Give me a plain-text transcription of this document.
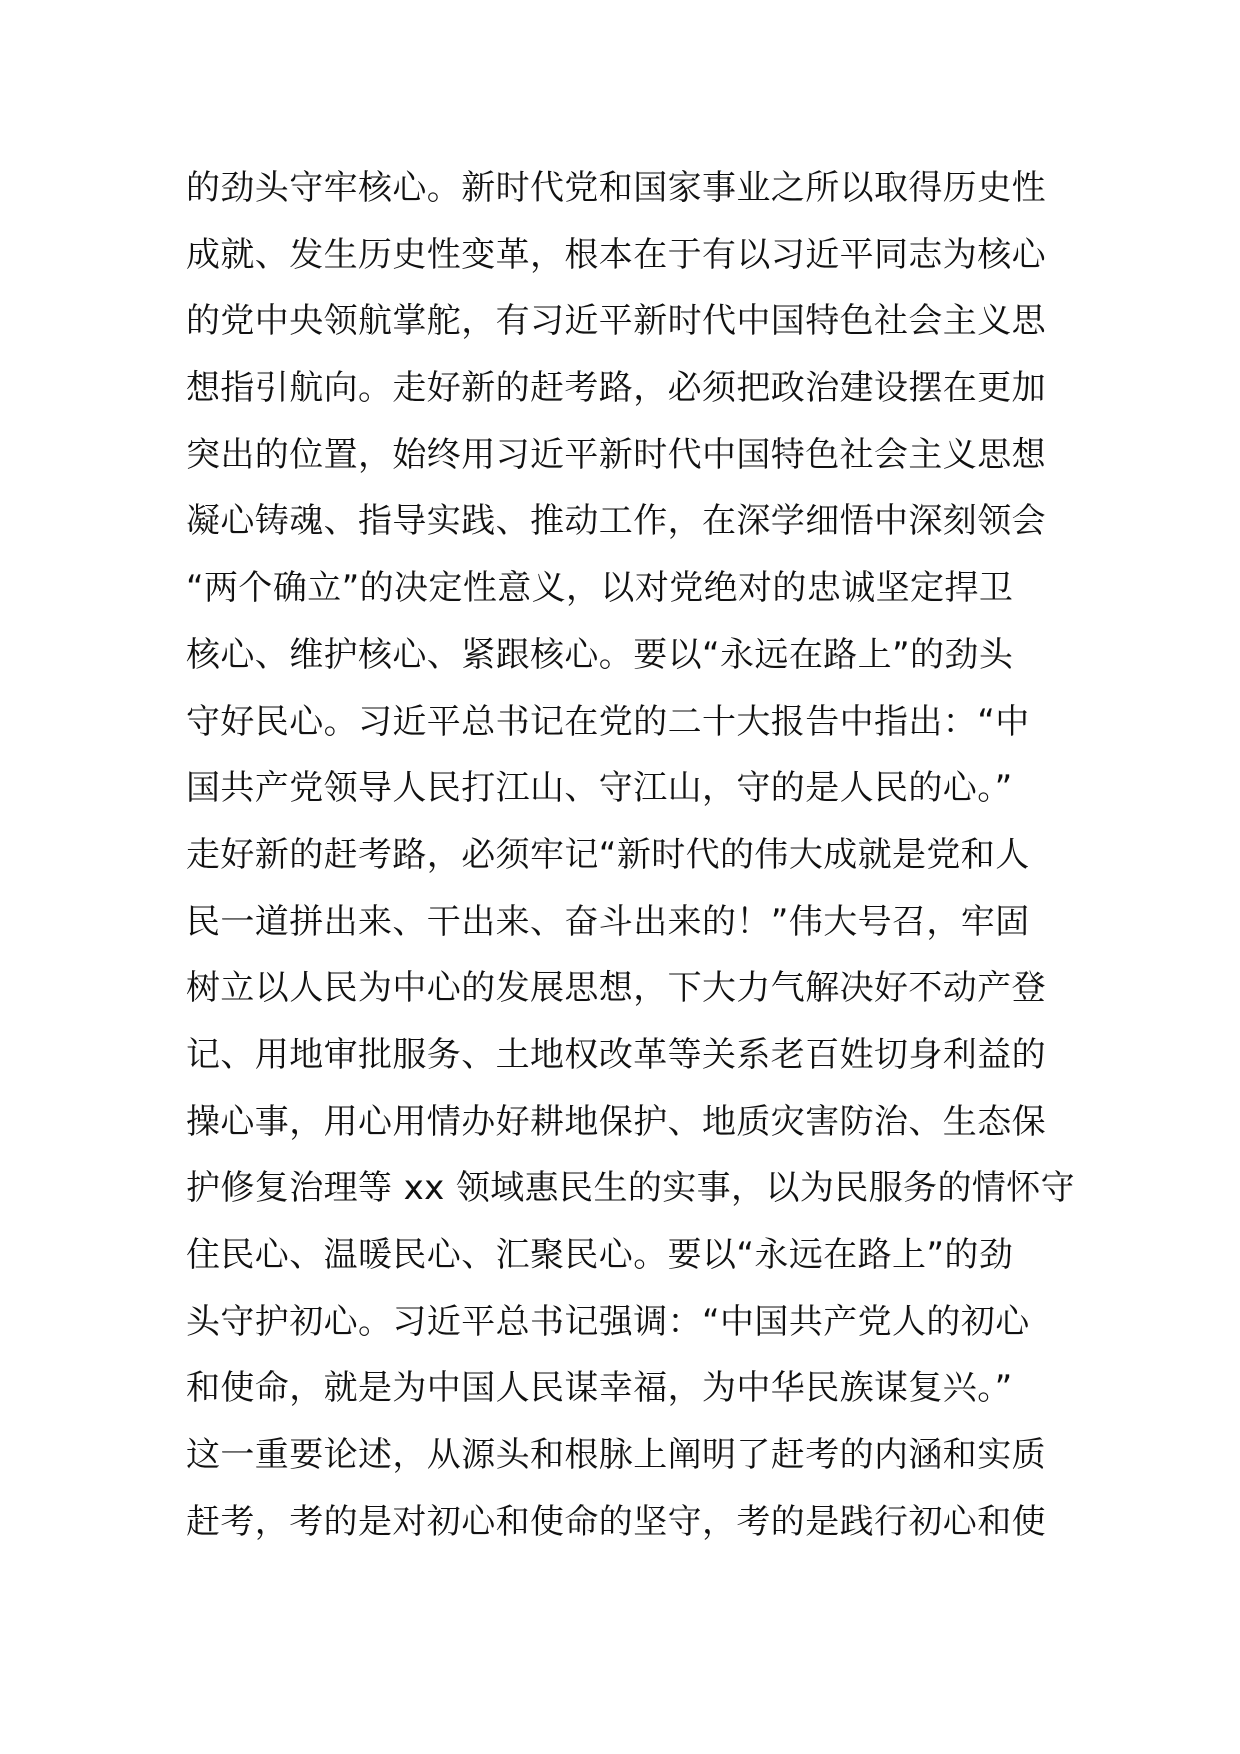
的劲头守牢核心。新时代党和国家事业之所以取得历史性
成就、发生历史性变革，根本在于有以习近平同志为核心
的党中央领航掌舵，有习近平新时代中国特色社会主义思
想指引航向。走好新的赶考路，必须把政治建设摆在更加
突出的位置，始终用习近平新时代中国特色社会主义思想
凝心铸魂、指导实践、推动工作，在深学细悟中深刻领会
“两个确立”的决定性意义，以对党绝对的忠诚坚定捍卫
核心、维护核心、紧跟核心。要以“永远在路上”的劲头
守好民心。习近平总书记在党的二十大报告中指出：“中
国共产党领导人民打江山、守江山，守的是人民的心。”
走好新的赶考路，必须牢记“新时代的伟大成就是党和人
民一道拼出来、干出来、奋斗出来的！”伟大号召，牢固
树立以人民为中心的发展思想，下大力气解决好不动产登
记、用地审批服务、土地权改革等关系老百姓切身利益的
操心事，用心用情办好耕地保护、地质灾害防治、生态保
护修复治理等 xx 领域惠民生的实事，以为民服务的情怀守
住民心、温暖民心、汇聚民心。要以“永远在路上”的劲
头守护初心。习近平总书记强调：“中国共产党人的初心
和使命，就是为中国人民谋幸福，为中华民族谋复兴。”
这一重要论述，从源头和根脉上阐明了赶考的内涵和实质
赶考，考的是对初心和使命的坚守，考的是践行初心和使
